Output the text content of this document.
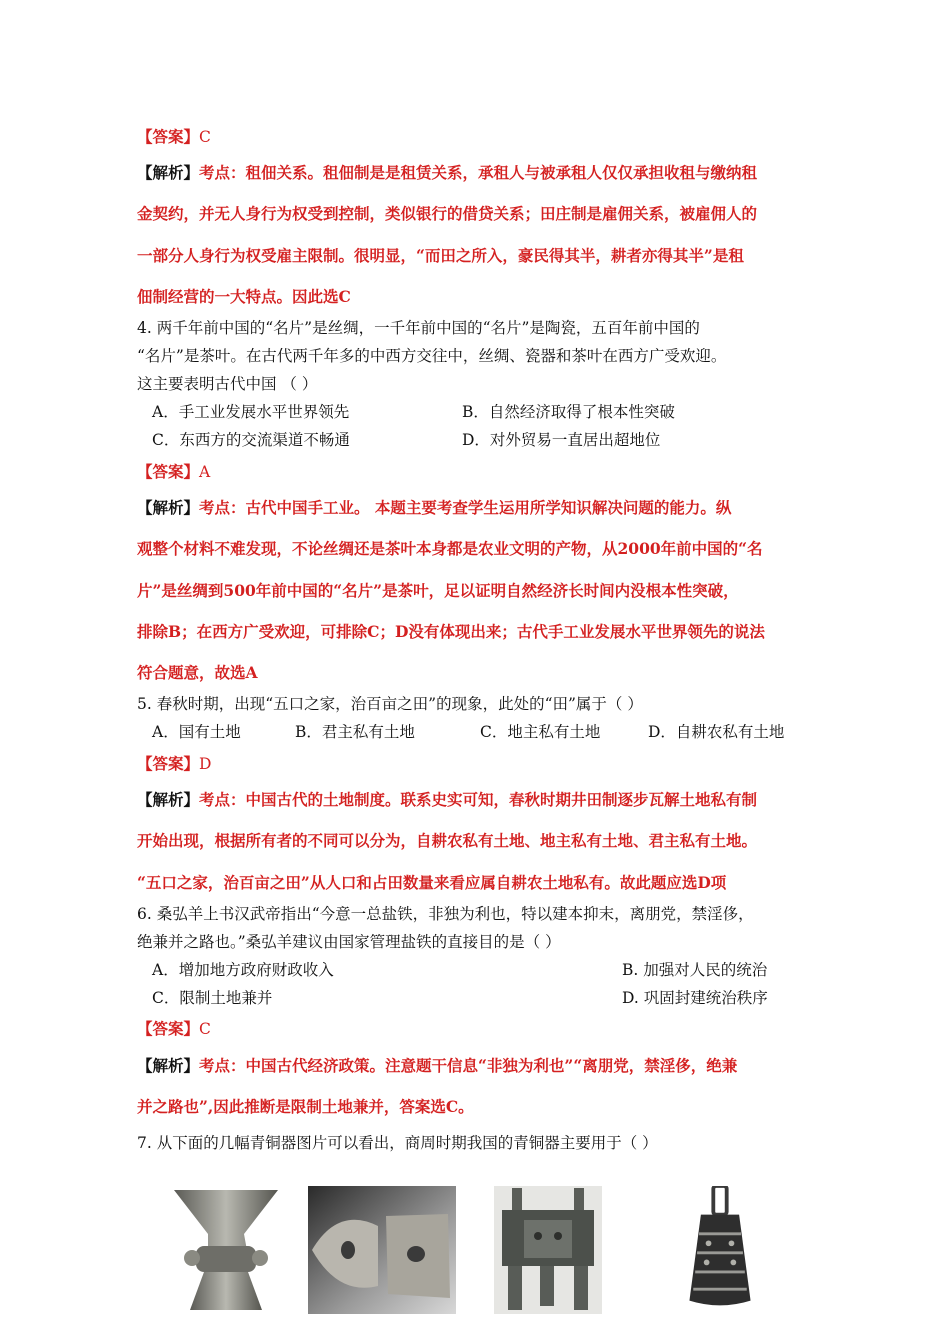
【答案】C
【解析】考点：租佃关系。租佃制是是租赁关系，承租人与被承租人仅仅承担收租与缴纳租
金契约，并无人身行为权受到控制，类似银行的借贷关系；田庄制是雇佣关系，被雇佣人的
一部分人身行为权受雇主限制。很明显，“而田之所入，豪民得其半，耕者亦得其半”是租
佃制经营的一大特点。因此选C
4. 两千年前中国的“名片”是丝绸，一千年前中国的“名片”是陶瓷，五百年前中国的
“名片”是茶叶。在古代两千年多的中西方交往中，丝绸、瓷器和茶叶在西方广受欢迎。
这主要表明古代中国 （ ）
A．手工业发展水平世界领先	B．自然经济取得了根本性突破
C．东西方的交流渠道不畅通	D．对外贸易一直居出超地位
【答案】A
【解析】考点：古代中国手工业。 本题主要考查学生运用所学知识解决问题的能力。纵
观整个材料不难发现，不论丝绸还是茶叶本身都是农业文明的产物，从2000年前中国的“名
片”是丝绸到500年前中国的“名片”是茶叶，足以证明自然经济长时间内没根本性突破，
排除B；在西方广受欢迎，可排除C；D没有体现出来；古代手工业发展水平世界领先的说法
符合题意，故选A
5. 春秋时期，出现“五口之家，治百亩之田”的现象，此处的“田”属于（ ）
A．国有土地	B．君主私有土地	C．地主私有土地	D．自耕农私有土地
【答案】D
【解析】考点：中国古代的土地制度。联系史实可知，春秋时期井田制逐步瓦解土地私有制
开始出现，根据所有者的不同可以分为，自耕农私有土地、地主私有土地、君主私有土地。
“五口之家，治百亩之田”从人口和占田数量来看应属自耕农土地私有。故此题应选D项
6. 桑弘羊上书汉武帝指出“今意一总盐铁，非独为利也，特以建本抑末，离朋党，禁淫侈，
绝兼并之路也。”桑弘羊建议由国家管理盐铁的直接目的是（ ）
A．增加地方政府财政收入	B. 加强对人民的统治
C．限制土地兼并	D. 巩固封建统治秩序
【答案】C
【解析】考点：中国古代经济政策。注意题干信息“非独为利也”“离朋党，禁淫侈，绝兼
并之路也”,因此推断是限制土地兼并，答案选C。
7. 从下面的几幅青铜器图片可以看出，商周时期我国的青铜器主要用于（ ）
